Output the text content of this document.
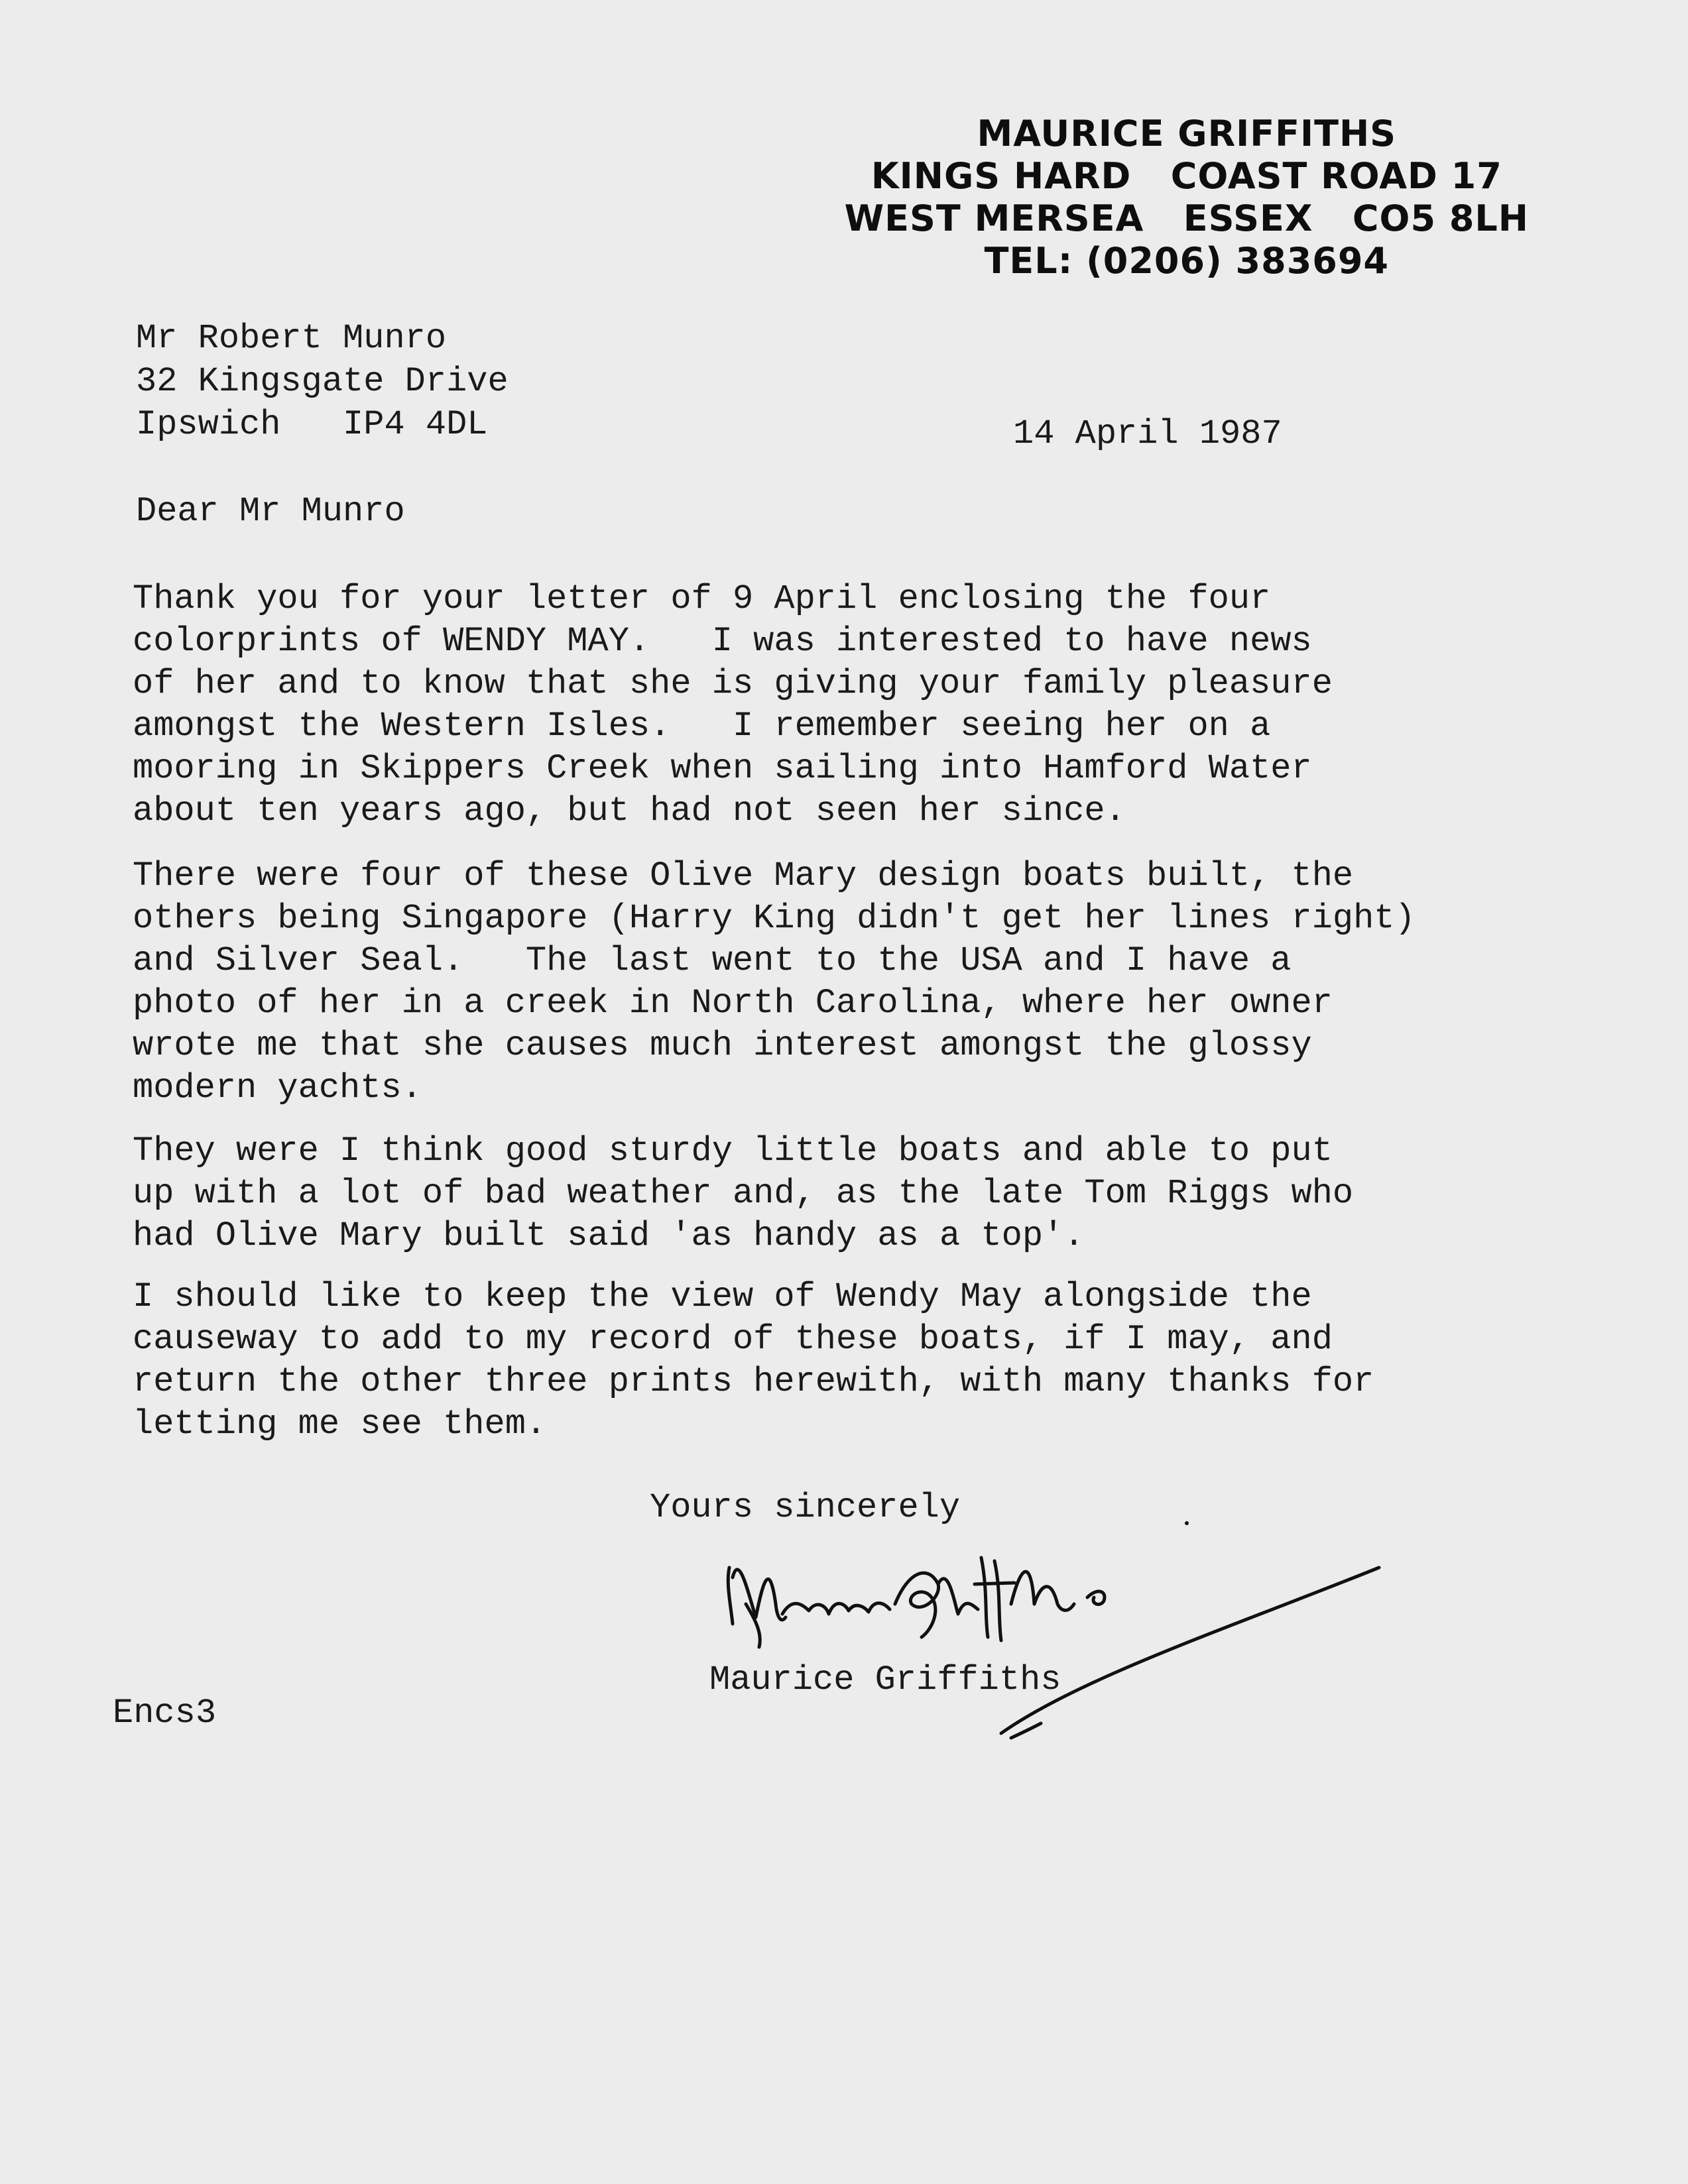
MAURICE GRIFFITHS
KINGS HARD   COAST ROAD 17
WEST MERSEA   ESSEX   CO5 8LH
TEL: (0206) 383694
Mr Robert Munro
32 Kingsgate Drive
Ipswich   IP4 4DL	14 April 1987
Dear Mr Munro
Thank you for your letter of 9 April enclosing the four
colorprints of WENDY MAY.   I was interested to have news
of her and to know that she is giving your family pleasure
amongst the Western Isles.   I remember seeing her on a
mooring in Skippers Creek when sailing into Hamford Water
about ten years ago, but had not seen her since.
There were four of these Olive Mary design boats built, the
others being Singapore (Harry King didn't get her lines right)
and Silver Seal.   The last went to the USA and I have a
photo of her in a creek in North Carolina, where her owner
wrote me that she causes much interest amongst the glossy
modern yachts.
They were I think good sturdy little boats and able to put
up with a lot of bad weather and, as the late Tom Riggs who
had Olive Mary built said 'as handy as a top'.
I should like to keep the view of Wendy May alongside the
causeway to add to my record of these boats, if I may, and
return the other three prints herewith, with many thanks for
letting me see them.
Yours sincerely
Maurice Griffiths
Encs3
